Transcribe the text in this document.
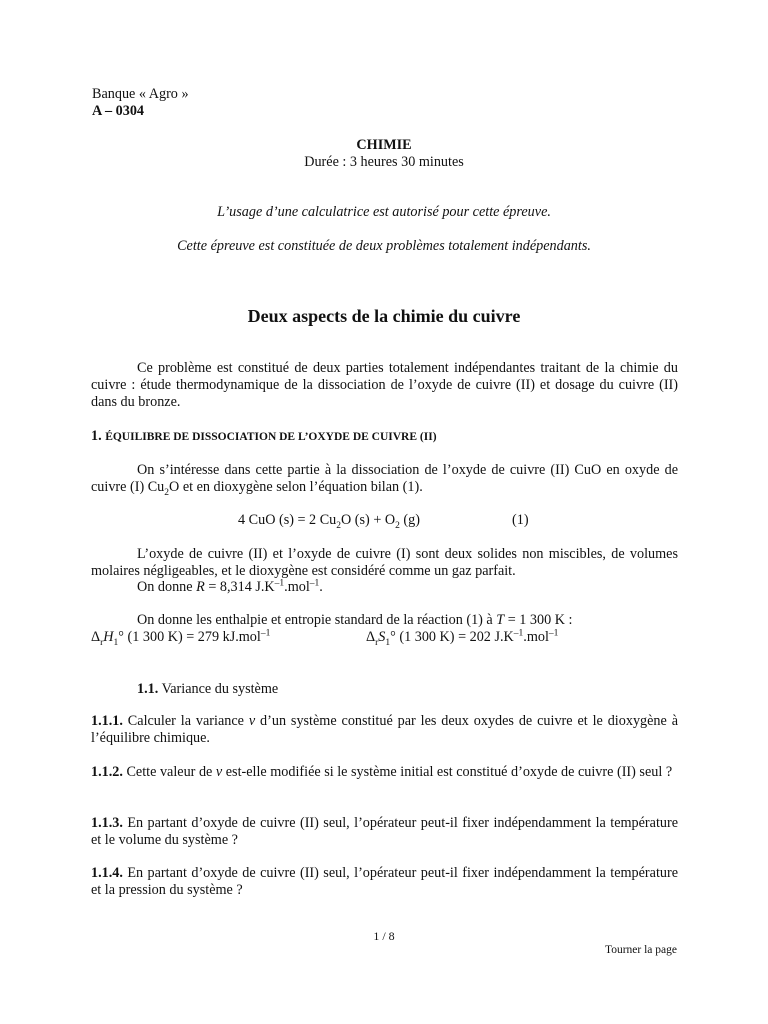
Banque « Agro »
A – 0304
CHIMIE
Durée : 3 heures 30 minutes
L’usage d’une calculatrice est autorisé pour cette épreuve.
Cette épreuve est constituée de deux problèmes totalement indépendants.
Deux aspects de la chimie du cuivre
Ce problème est constitué de deux parties totalement indépendantes traitant de la chimie du cuivre : étude thermodynamique de la dissociation de l’oxyde de cuivre (II) et dosage du cuivre (II) dans du bronze.
1. ÉQUILIBRE DE DISSOCIATION DE L’OXYDE DE CUIVRE (II)
On s’intéresse dans cette partie à la dissociation de l’oxyde de cuivre (II) CuO en oxyde de cuivre (I) $Cu_2O$ et en dioxygène selon l’équation bilan (1).
4 CuO (s) = 2 $Cu_2O$ $(s) + O_2$ (g)	(1)
L’oxyde de cuivre (II) et l’oxyde de cuivre (I) sont deux solides non miscibles, de volumes molaires négligeables, et le dioxygène est considéré comme un gaz parfait.
On donne R = 8,314 $J.K^{-1}.mol^{-1}$.
On donne les enthalpie et entropie standard de la réaction (1) à T = 1 300 K :
$\Delta_rH_1^\circ$ (1 300 K) = 279 kJ.mol$^{-1}$	$\Delta_rS_1^\circ$ (1 300 K) = 202 $J.K^{-1}.mol^{-1}$
1.1. Variance du système
1.1.1. Calculer la variance v d’un système constitué par les deux oxydes de cuivre et le dioxygène à l’équilibre chimique.
1.1.2. Cette valeur de v est-elle modifiée si le système initial est constitué d’oxyde de cuivre (II) seul ?
1.1.3. En partant d’oxyde de cuivre (II) seul, l’opérateur peut-il fixer indépendamment la température et le volume du système ?
1.1.4. En partant d’oxyde de cuivre (II) seul, l’opérateur peut-il fixer indépendamment la température et la pression du système ?
1 / 8
Tourner la page
